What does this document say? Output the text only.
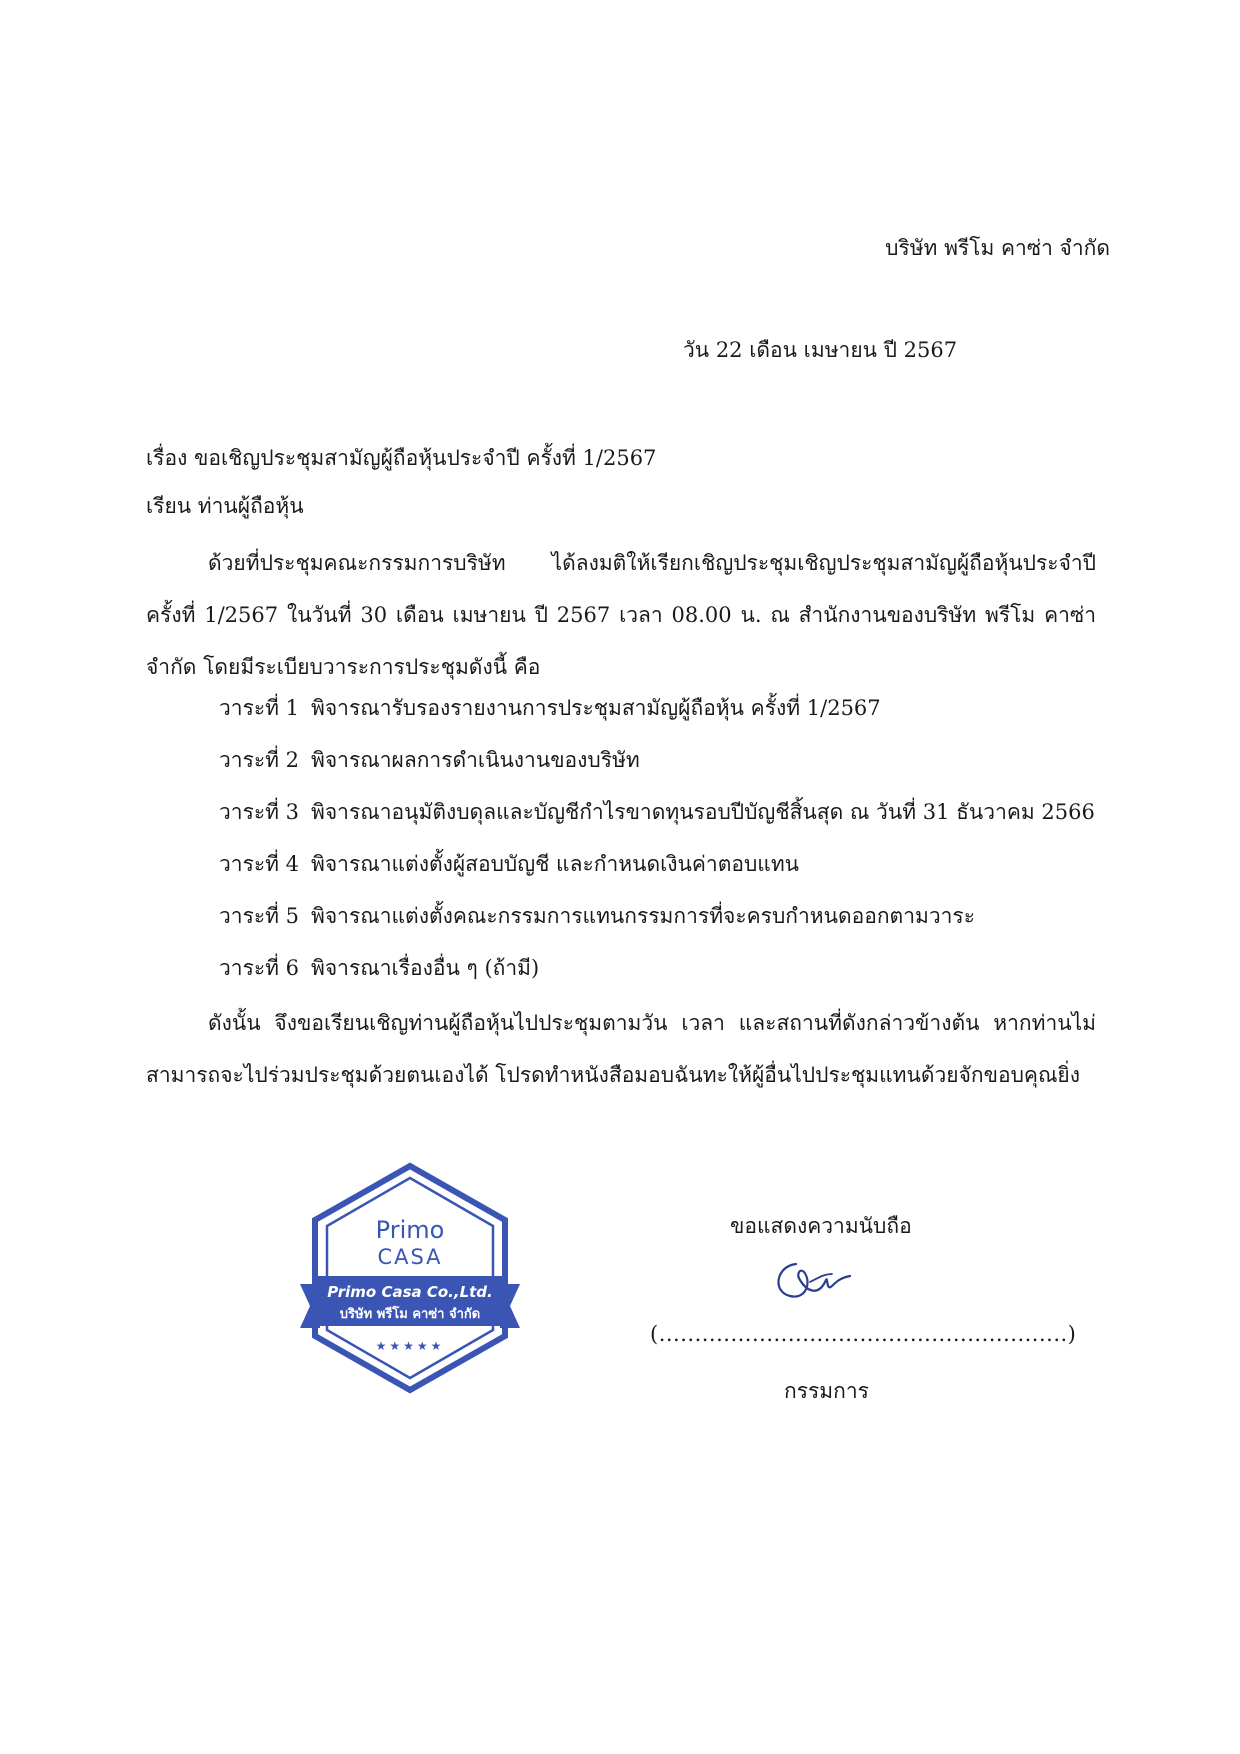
บริษัท พรีโม คาซ่า จำกัด
วัน 22 เดือน เมษายน ปี 2567
เรื่อง ขอเชิญประชุมสามัญผู้ถือหุ้นประจำปี ครั้งที่ 1/2567
เรียน ท่านผู้ถือหุ้น
ด้วยที่ประชุมคณะกรรมการบริษัท ได้ลงมติให้เรียกเชิญประชุมเชิญประชุมสามัญผู้ถือหุ้นประจำปี ครั้งที่ 1/2567 ในวันที่ 30 เดือน เมษายน ปี 2567 เวลา 08.00 น. ณ สำนักงานของบริษัท พรีโม คาซ่า จำกัด โดยมีระเบียบวาระการประชุมดังนี้ คือ
วาระที่ 1 พิจารณารับรองรายงานการประชุมสามัญผู้ถือหุ้น ครั้งที่ 1/2567
วาระที่ 2 พิจารณาผลการดำเนินงานของบริษัท
วาระที่ 3 พิจารณาอนุมัติงบดุลและบัญชีกำไรขาดทุนรอบปีบัญชีสิ้นสุด ณ วันที่ 31 ธันวาคม 2566
วาระที่ 4 พิจารณาแต่งตั้งผู้สอบบัญชี และกำหนดเงินค่าตอบแทน
วาระที่ 5 พิจารณาแต่งตั้งคณะกรรมการแทนกรรมการที่จะครบกำหนดออกตามวาระ
วาระที่ 6 พิจารณาเรื่องอื่น ๆ (ถ้ามี)
ดังนั้น จึงขอเรียนเชิญท่านผู้ถือหุ้นไปประชุมตามวัน เวลา และสถานที่ดังกล่าวข้างต้น หากท่านไม่สามารถจะไปร่วมประชุมด้วยตนเองได้ โปรดทำหนังสือมอบฉันทะให้ผู้อื่นไปประชุมแทนด้วยจักขอบคุณยิ่ง
Primo
CASA
Primo Casa Co.,Ltd.
บริษัท พรีโม คาซ่า จำกัด
★★★★★
ขอแสดงความนับถือ
(.........................................................)
กรรมการ
